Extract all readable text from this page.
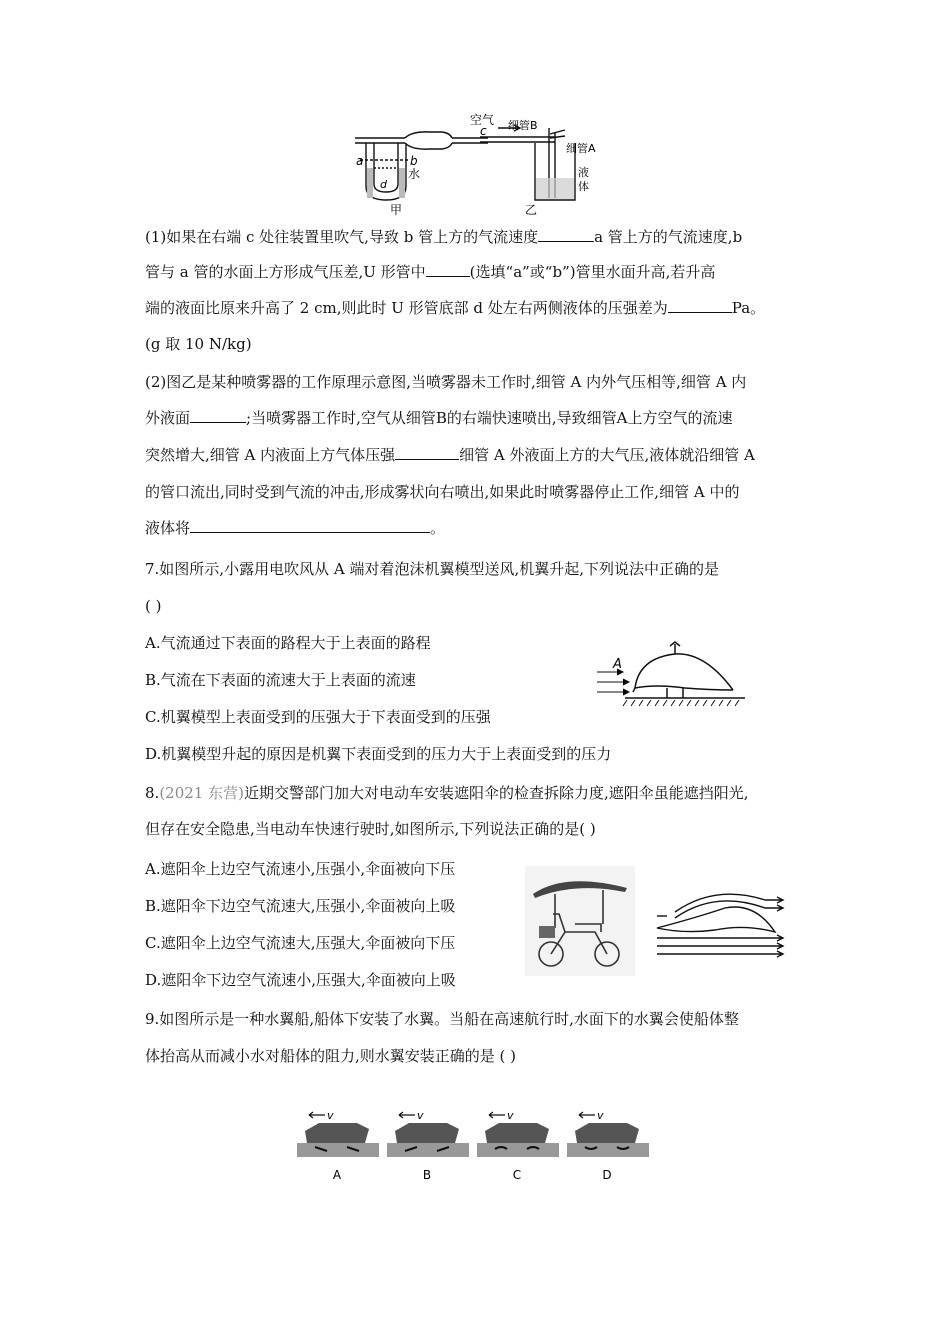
c
a	b
d
水
甲
空气 细管B
细管A
液
体
乙
(1)如果在右端 c 处往装置里吹气,导致 b 管上方的气流速度	a 管上方的气流速度,b
管与 a 管的水面上方形成气压差,U 形管中	(选填“a”或“b”)管里水面升高,若升高
端的液面比原来升高了 2 cm,则此时 U 形管底部 d 处左右两侧液体的压强差为	Pa。
(g 取 10 N/kg)
(2)图乙是某种喷雾器的工作原理示意图,当喷雾器未工作时,细管 A 内外气压相等,细管 A 内
外液面	;当喷雾器工作时,空气从细管B的右端快速喷出,导致细管A上方空气的流速
突然增大,细管 A 内液面上方气体压强	细管 A 外液面上方的大气压,液体就沿细管 A
的管口流出,同时受到气流的冲击,形成雾状向右喷出,如果此时喷雾器停止工作,细管 A 中的
液体将	。
7.如图所示,小露用电吹风从 A 端对着泡沫机翼模型送风,机翼升起,下列说法中正确的是
( )
A.气流通过下表面的路程大于上表面的路程
B.气流在下表面的流速大于上表面的流速
C.机翼模型上表面受到的压强大于下表面受到的压强
D.机翼模型升起的原因是机翼下表面受到的压力大于上表面受到的压力
A
8.(2021 东营)近期交警部门加大对电动车安装遮阳伞的检查拆除力度,遮阳伞虽能遮挡阳光,
但存在安全隐患,当电动车快速行驶时,如图所示,下列说法正确的是( )
A.遮阳伞上边空气流速小,压强小,伞面被向下压
B.遮阳伞下边空气流速大,压强小,伞面被向上吸
C.遮阳伞上边空气流速大,压强大,伞面被向下压
D.遮阳伞下边空气流速小,压强大,伞面被向上吸
9.如图所示是一种水翼船,船体下安装了水翼。当船在高速航行时,水面下的水翼会使船体整
体抬高从而减小水对船体的阻力,则水翼安装正确的是 ( )
v
A
v
B
v
C
v
D
